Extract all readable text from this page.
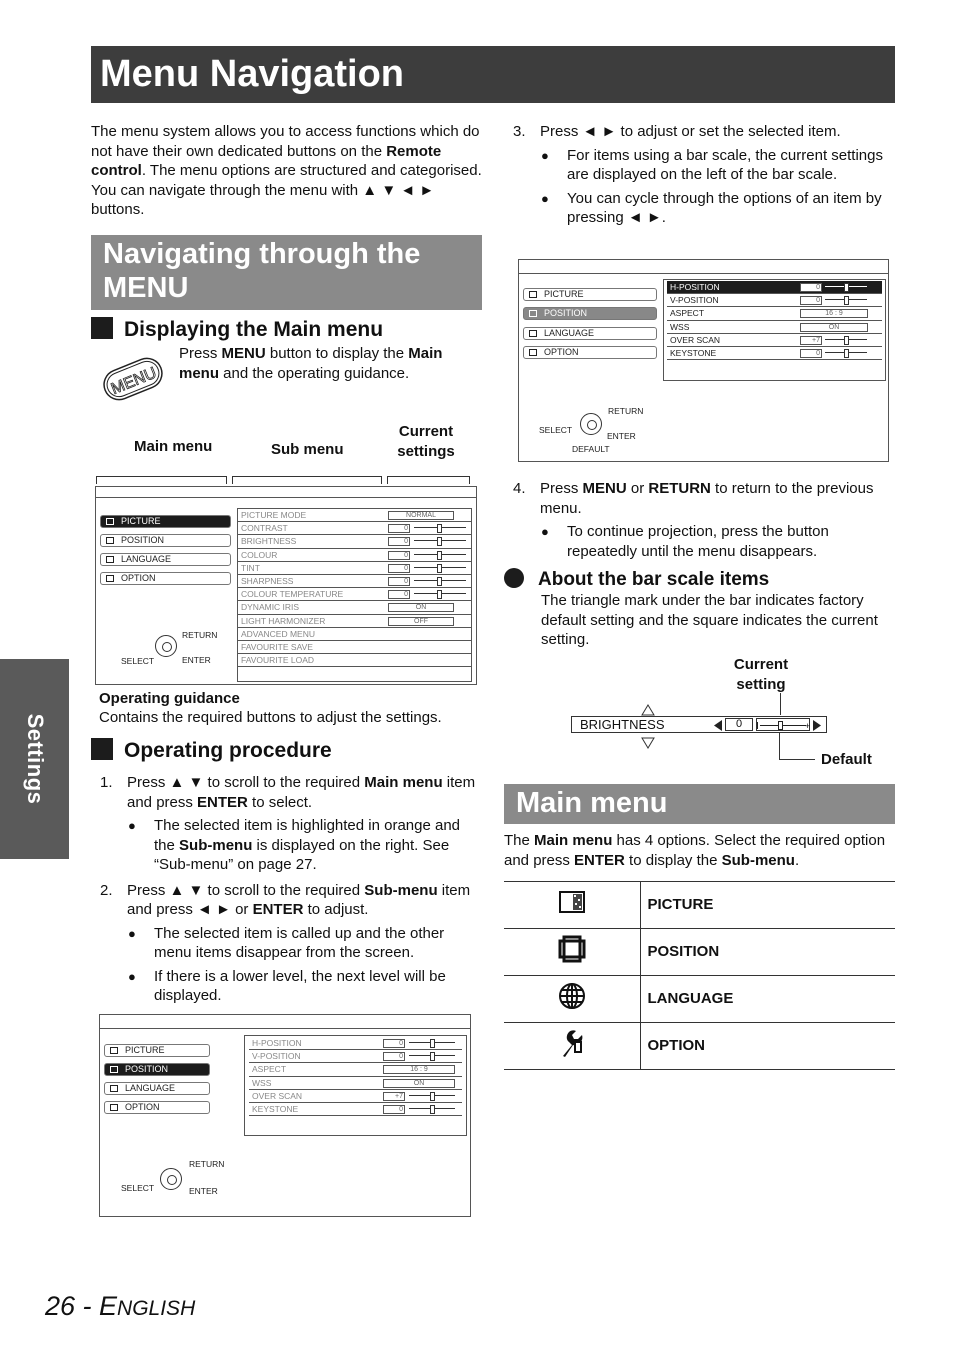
Menu Navigation
Settings
The menu system allows you to access functions which do not have their own dedicated buttons on the Remote control. The menu options are structured and categorised. You can navigate through the menu with ▲ ▼ ◄ ► buttons.
Navigating through the MENU
Displaying the Main menu
MENU
Press MENU button to display the Main menu and the operating guidance.
Main menu	Sub menu
Current settings
PICTURE
POSITION
LANGUAGE
OPTION
PICTURE MODE	NORMAL
CONTRAST	0
BRIGHTNESS	0
COLOUR	0
TINT	0
SHARPNESS	0
COLOUR TEMPERATURE	0
DYNAMIC IRIS	ON
LIGHT HARMONIZER	OFF
ADVANCED MENU
FAVOURITE SAVE
FAVOURITE LOAD
RETURN
SELECT	ENTER
Operating guidance
Contains the required buttons to adjust the settings.
Operating procedure
1. Press ▲ ▼ to scroll to the required Main menu item and press ENTER to select.
● The selected item is highlighted in orange and the Sub-menu is displayed on the right. See “Sub-menu” on page 27.
2. Press ▲ ▼ to scroll to the required Sub-menu item and press ◄ ► or ENTER to adjust.
● The selected item is called up and the other menu items disappear from the screen.
● If there is a lower level, the next level will be displayed.
PICTURE
POSITION
LANGUAGE
OPTION
H-POSITION	0
V-POSITION	0
ASPECT	16 : 9
WSS	ON
OVER SCAN	+7
KEYSTONE	0
RETURN
SELECT	ENTER
3. Press ◄ ► to adjust or set the selected item.
● For items using a bar scale, the current settings are displayed on the left of the bar scale.
● You can cycle through the options of an item by pressing ◄ ►.
PICTURE
POSITION
LANGUAGE
OPTION
H-POSITION	0
V-POSITION	0
ASPECT	16 : 9
WSS	ON
OVER SCAN	+7
KEYSTONE	0
RETURN
SELECT
ENTER
DEFAULT
4. Press MENU or RETURN to return to the previous menu.
● To continue projection, press the button repeatedly until the menu disappears.
About the bar scale items
The triangle mark under the bar indicates factory default setting and the square indicates the current setting.
Current setting
BRIGHTNESS	0	+
Default
Main menu
The Main menu has 4 options. Select the required option and press ENTER to display the Sub-menu.
	PICTURE
	POSITION
	LANGUAGE
	OPTION
26 - ENGLISH
